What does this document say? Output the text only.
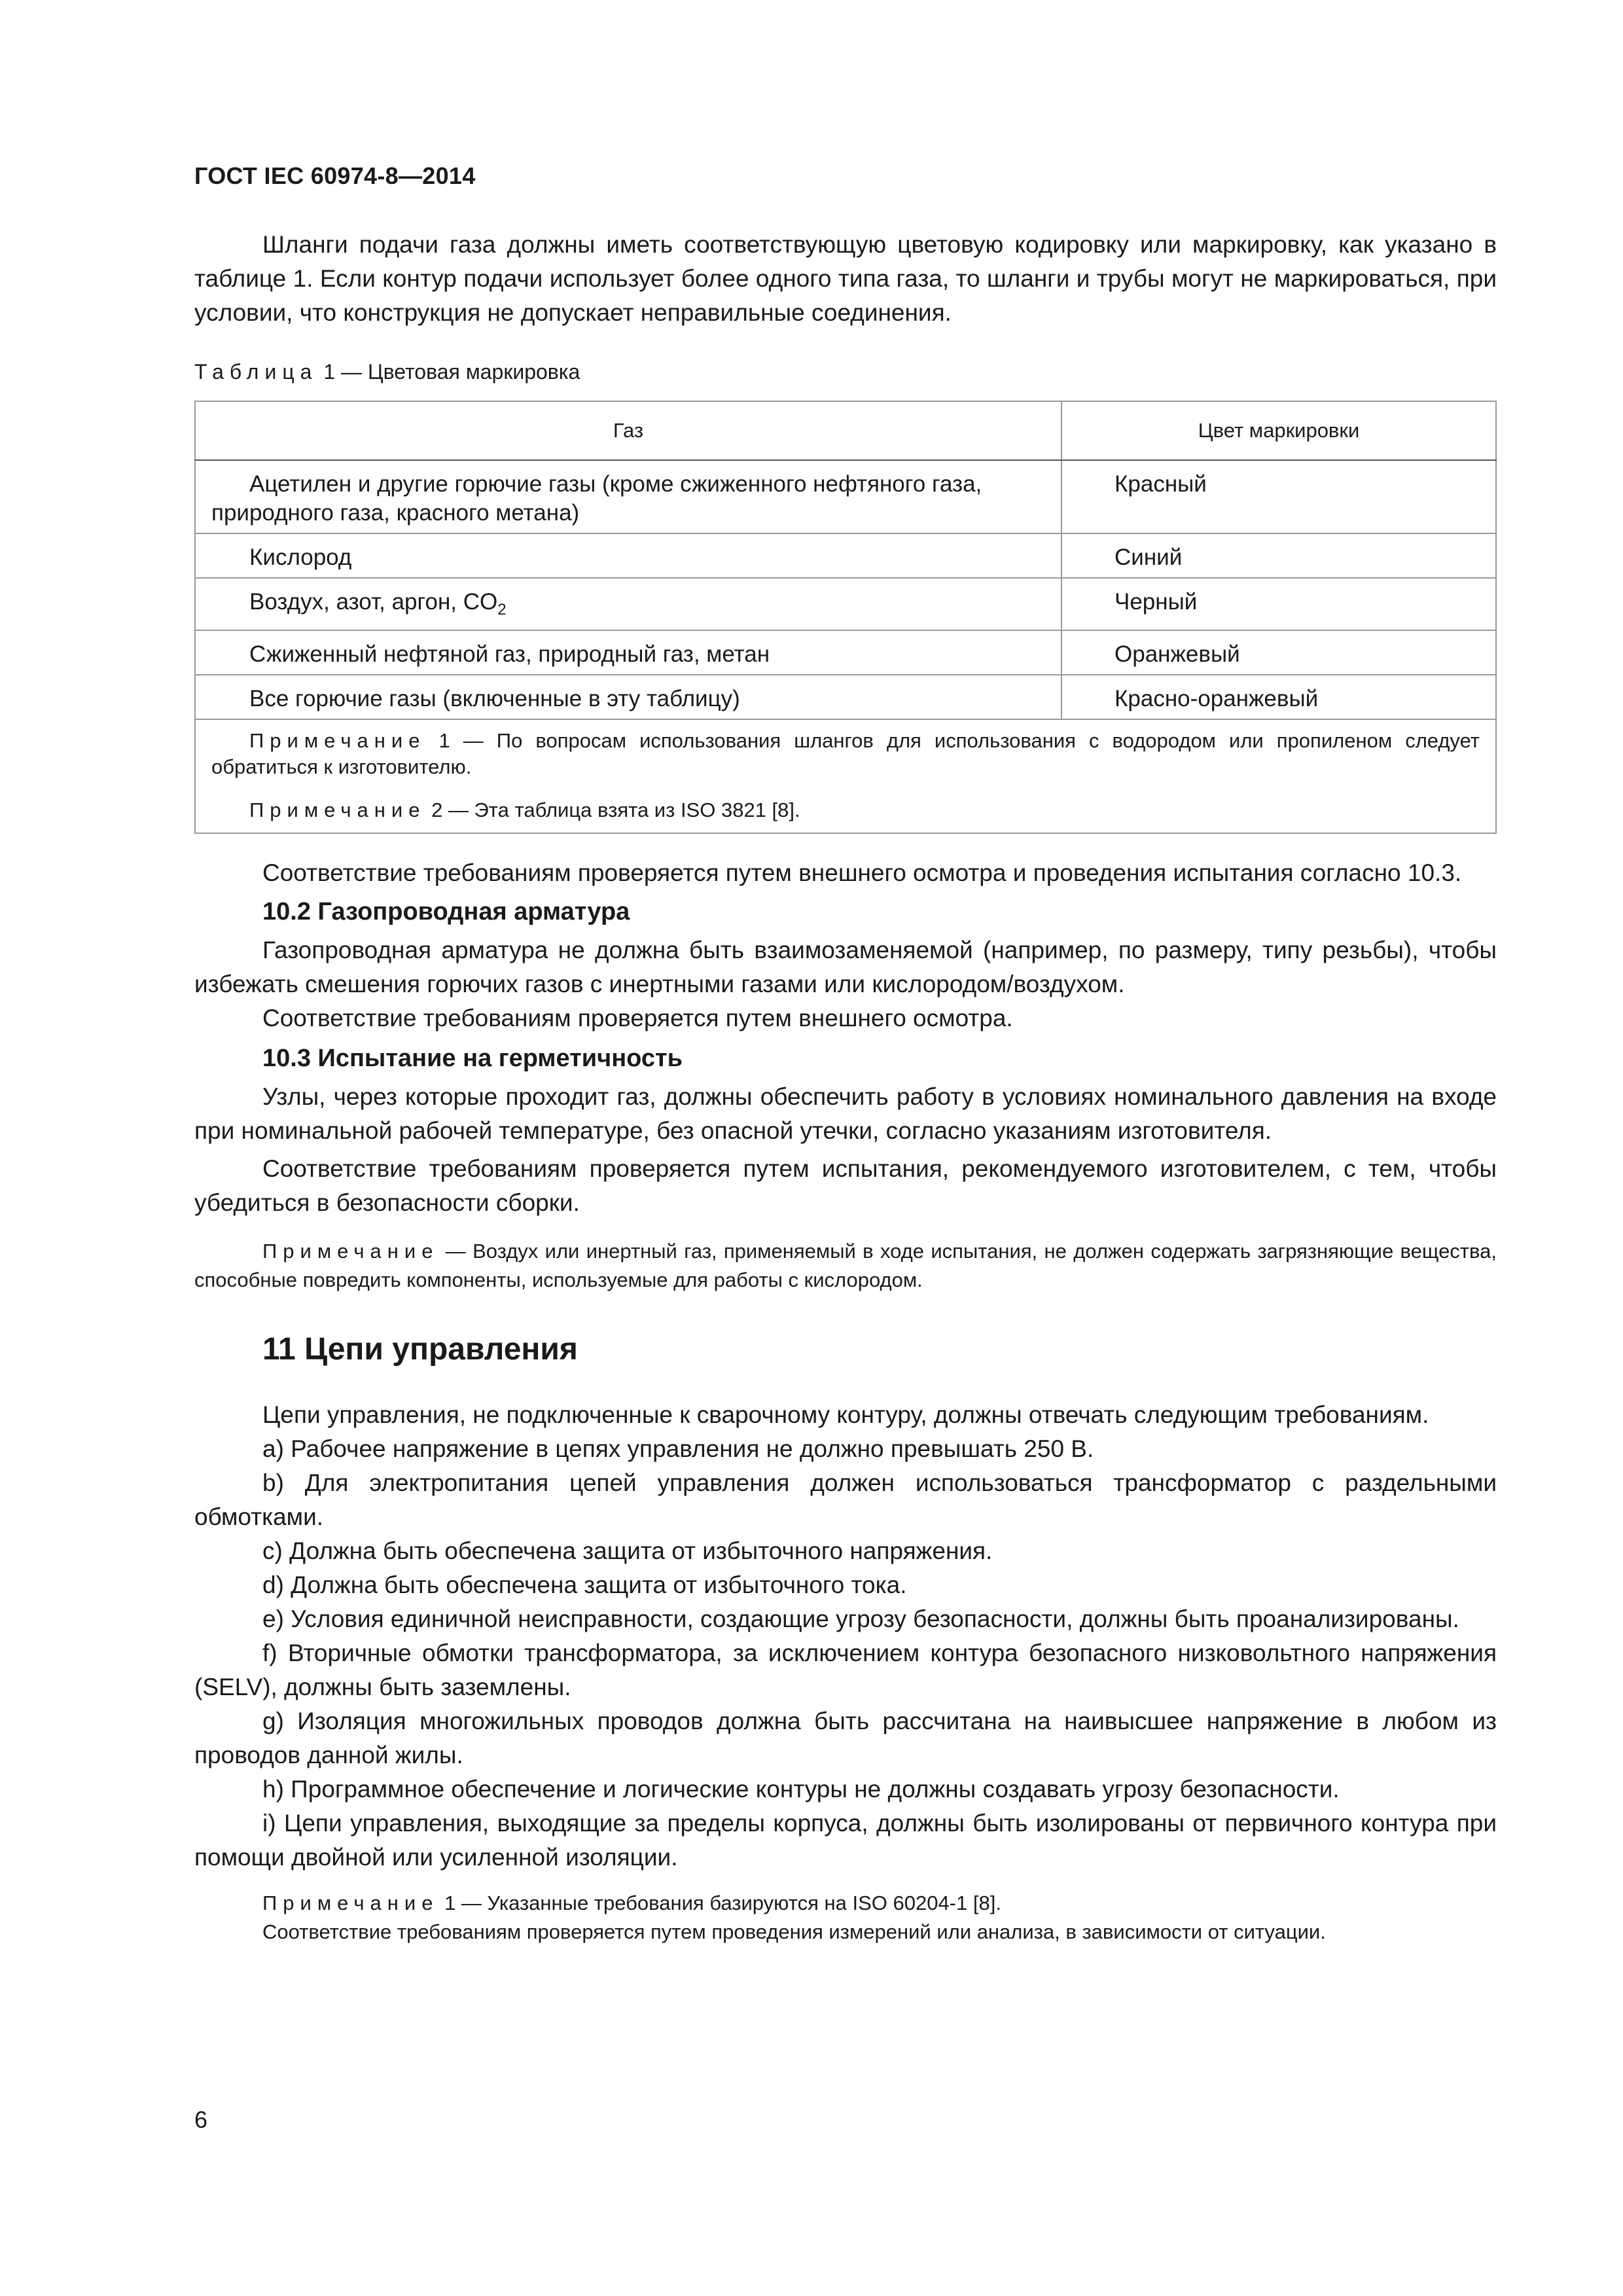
ГОСТ IEC 60974-8—2014

Шланги подачи газа должны иметь соответствующую цветовую кодировку или маркировку, как указано в таблице 1. Если контур подачи использует более одного типа газа, то шланги и трубы могут не маркироваться, при условии, что конструкция не допускает неправильные соединения.

Таблица 1 — Цветовая маркировка
Газ	Цвет маркировки
Ацетилен и другие горючие газы (кроме сжиженного нефтяного газа, природного газа, красного метана)	Красный
Кислород	Синий
Воздух, азот, аргон, $CO_2$	Черный
Сжиженный нефтяной газ, природный газ, метан	Оранжевый
Все горючие газы (включенные в эту таблицу)	Красно-оранжевый

Примечание 1 — По вопросам использования шлангов для использования с водородом или пропиленом следует обратиться к изготовителю.

Примечание 2 — Эта таблица взята из ISO 3821 [8].	

Соответствие требованиям проверяется путем внешнего осмотра и проведения испытания согласно 10.3.

10.2 Газопроводная арматура

Газопроводная арматура не должна быть взаимозаменяемой (например, по размеру, типу резьбы), чтобы избежать смешения горючих газов с инертными газами или кислородом/воздухом.

Соответствие требованиям проверяется путем внешнего осмотра.

10.3 Испытание на герметичность

Узлы, через которые проходит газ, должны обеспечить работу в условиях номинального давления на входе при номинальной рабочей температуре, без опасной утечки, согласно указаниям изготовителя.

Соответствие требованиям проверяется путем испытания, рекомендуемого изготовителем, с тем, чтобы убедиться в безопасности сборки.

Примечание — Воздух или инертный газ, применяемый в ходе испытания, не должен содержать загрязняющие вещества, способные повредить компоненты, используемые для работы с кислородом.

11 Цепи управления

Цепи управления, не подключенные к сварочному контуру, должны отвечать следующим требованиям.

a) Рабочее напряжение в цепях управления не должно превышать 250 В.

b) Для электропитания цепей управления должен использоваться трансформатор с раздельными обмотками.

c) Должна быть обеспечена защита от избыточного напряжения.

d) Должна быть обеспечена защита от избыточного тока.

e) Условия единичной неисправности, создающие угрозу безопасности, должны быть проанализированы.

f) Вторичные обмотки трансформатора, за исключением контура безопасного низковольтного напряжения (SELV), должны быть заземлены.

g) Изоляция многожильных проводов должна быть рассчитана на наивысшее напряжение в любом из проводов данной жилы.

h) Программное обеспечение и логические контуры не должны создавать угрозу безопасности.

i) Цепи управления, выходящие за пределы корпуса, должны быть изолированы от первичного контура при помощи двойной или усиленной изоляции.

Примечание 1 — Указанные требования базируются на ISO 60204-1 [8].

Соответствие требованиям проверяется путем проведения измерений или анализа, в зависимости от ситуации.

6
